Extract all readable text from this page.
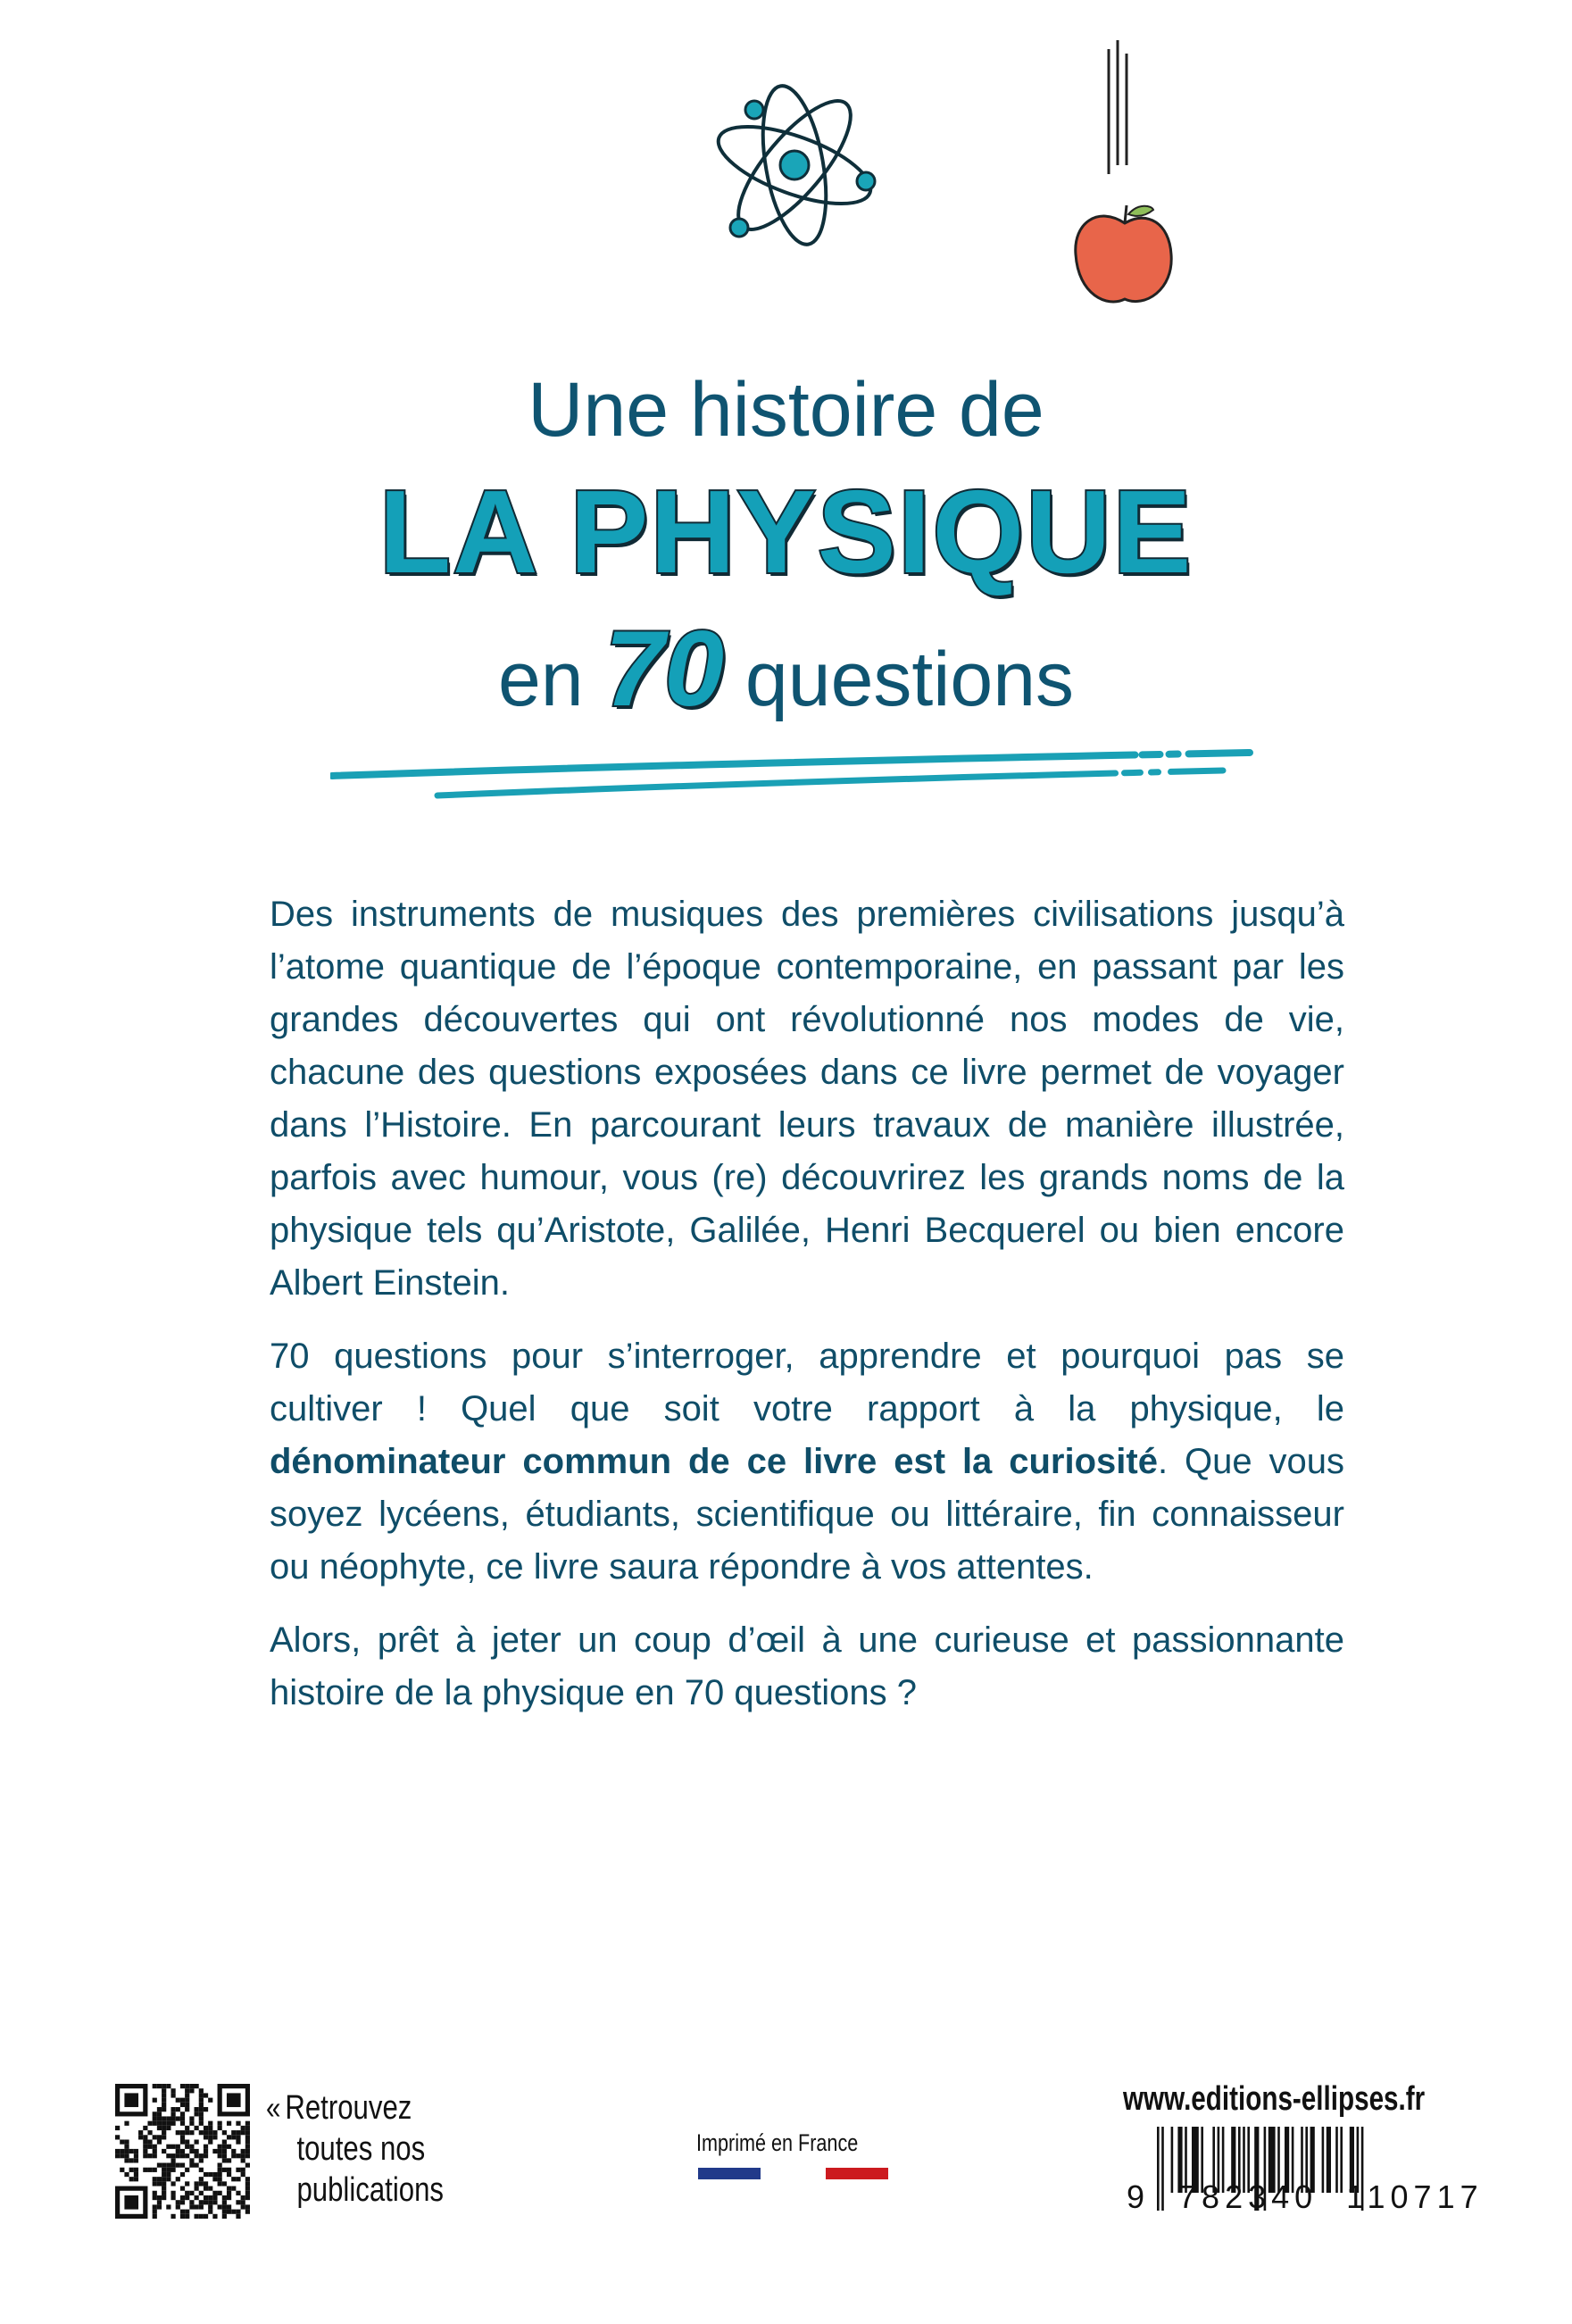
Une histoire de
LA PHYSIQUE
en 70 questions

Des instruments de musiques des premières civilisations jusqu’à l’atome quantique de l’époque contemporaine, en passant par les grandes découvertes qui ont révolutionné nos modes de vie, chacune des questions exposées dans ce livre permet de voyager dans l’Histoire. En parcourant leurs travaux de manière illustrée, parfois avec humour, vous (re) découvrirez les grands noms de la physique tels qu’Aristote, Galilée, Henri Becquerel ou bien encore Albert Einstein.

70 questions pour s’interroger, apprendre et pourquoi pas se cultiver ! Quel que soit votre rapport à la physique, le dénominateur commun de ce livre est la curiosité. Que vous soyez lycéens, étudiants, scientifique ou littéraire, fin connaisseur ou néophyte, ce livre saura répondre à vos attentes.

Alors, prêt à jeter un coup d’œil à une curieuse et passionnante histoire de la physique en 70 questions ?

« Retrouvez
toutes nos
publications
Imprimé en France
www.editions-ellipses.fr
9  782340  110717
